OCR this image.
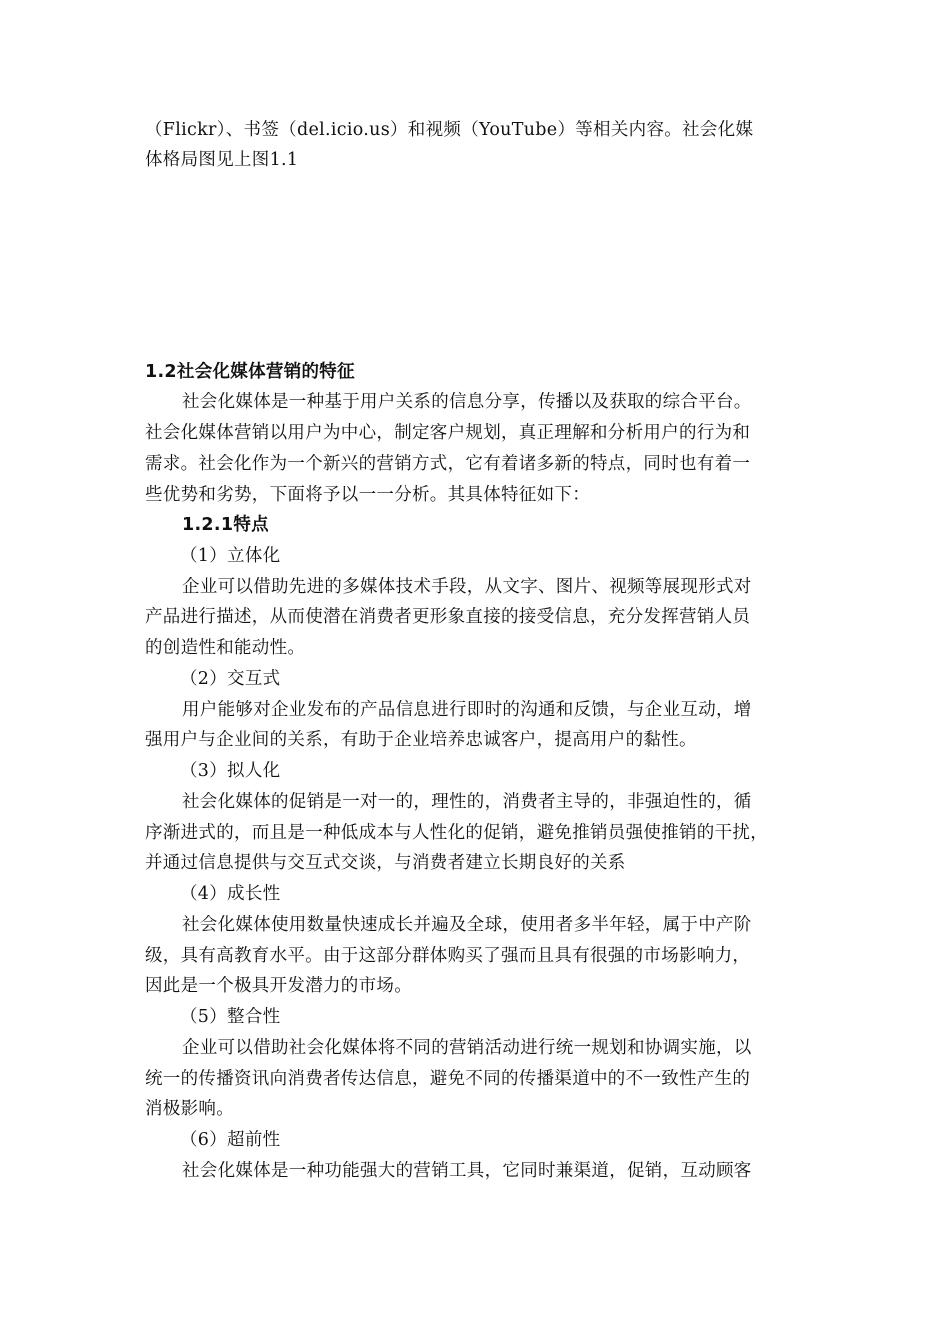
（Flickr）、书签（del.icio.us）和视频（YouTube）等相关内容。社会化媒
体格局图见上图1.1
1.2社会化媒体营销的特征
社会化媒体是一种基于用户关系的信息分享，传播以及获取的综合平台。
社会化媒体营销以用户为中心，制定客户规划，真正理解和分析用户的行为和
需求。社会化作为一个新兴的营销方式，它有着诸多新的特点，同时也有着一
些优势和劣势，下面将予以一一分析。其具体特征如下：
1.2.1特点
（1）立体化
企业可以借助先进的多媒体技术手段，从文字、图片、视频等展现形式对
产品进行描述，从而使潜在消费者更形象直接的接受信息，充分发挥营销人员
的创造性和能动性。
（2）交互式
用户能够对企业发布的产品信息进行即时的沟通和反馈，与企业互动，增
强用户与企业间的关系，有助于企业培养忠诚客户，提高用户的黏性。
（3）拟人化
社会化媒体的促销是一对一的，理性的，消费者主导的，非强迫性的，循
序渐进式的，而且是一种低成本与人性化的促销，避免推销员强使推销的干扰，
并通过信息提供与交互式交谈，与消费者建立长期良好的关系
（4）成长性
社会化媒体使用数量快速成长并遍及全球，使用者多半年轻，属于中产阶
级，具有高教育水平。由于这部分群体购买了强而且具有很强的市场影响力，
因此是一个极具开发潜力的市场。
（5）整合性
企业可以借助社会化媒体将不同的营销活动进行统一规划和协调实施，以
统一的传播资讯向消费者传达信息，避免不同的传播渠道中的不一致性产生的
消极影响。
（6）超前性
社会化媒体是一种功能强大的营销工具，它同时兼渠道，促销，互动顾客
